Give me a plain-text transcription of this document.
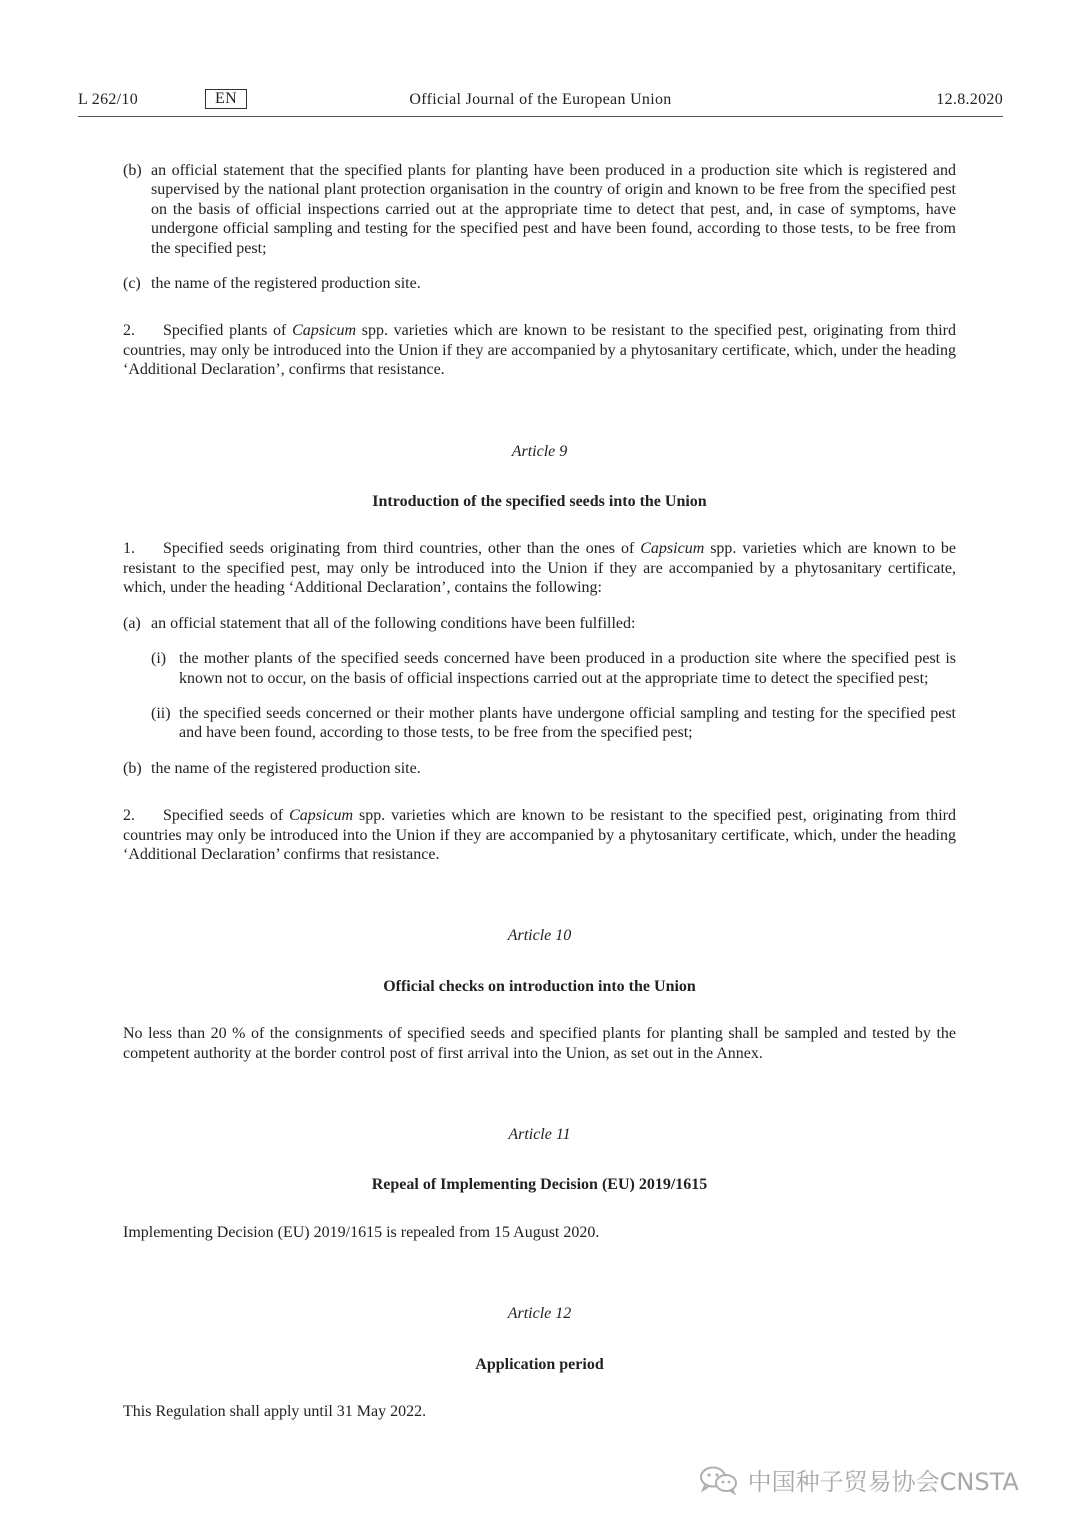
L 262/10	EN	Official Journal of the European Union	12.8.2020
(b) an official statement that the specified plants for planting have been produced in a production site which is registered and supervised by the national plant protection organisation in the country of origin and known to be free from the specified pest on the basis of official inspections carried out at the appropriate time to detect that pest, and, in case of symptoms, have undergone official sampling and testing for the specified pest and have been found, according to those tests, to be free from the specified pest;
(c) the name of the registered production site.

2. Specified plants of Capsicum spp. varieties which are known to be resistant to the specified pest, originating from third countries, may only be introduced into the Union if they are accompanied by a phytosanitary certificate, which, under the heading ‘Additional Declaration’, confirms that resistance.

Article 9

Introduction of the specified seeds into the Union

1. Specified seeds originating from third countries, other than the ones of Capsicum spp. varieties which are known to be resistant to the specified pest, may only be introduced into the Union if they are accompanied by a phytosanitary certificate, which, under the heading ‘Additional Declaration’, contains the following:

(a) an official statement that all of the following conditions have been fulfilled:
(i) the mother plants of the specified seeds concerned have been produced in a production site where the specified pest is known not to occur, on the basis of official inspections carried out at the appropriate time to detect the specified pest;
(ii) the specified seeds concerned or their mother plants have undergone official sampling and testing for the specified pest and have been found, according to those tests, to be free from the specified pest;
(b) the name of the registered production site.

2. Specified seeds of Capsicum spp. varieties which are known to be resistant to the specified pest, originating from third countries may only be introduced into the Union if they are accompanied by a phytosanitary certificate, which, under the heading ‘Additional Declaration’ confirms that resistance.

Article 10

Official checks on introduction into the Union

No less than 20 % of the consignments of specified seeds and specified plants for planting shall be sampled and tested by the competent authority at the border control post of first arrival into the Union, as set out in the Annex.

Article 11

Repeal of Implementing Decision (EU) 2019/1615

Implementing Decision (EU) 2019/1615 is repealed from 15 August 2020.

Article 12

Application period

This Regulation shall apply until 31 May 2022.

中国种子贸易协会CNSTA
